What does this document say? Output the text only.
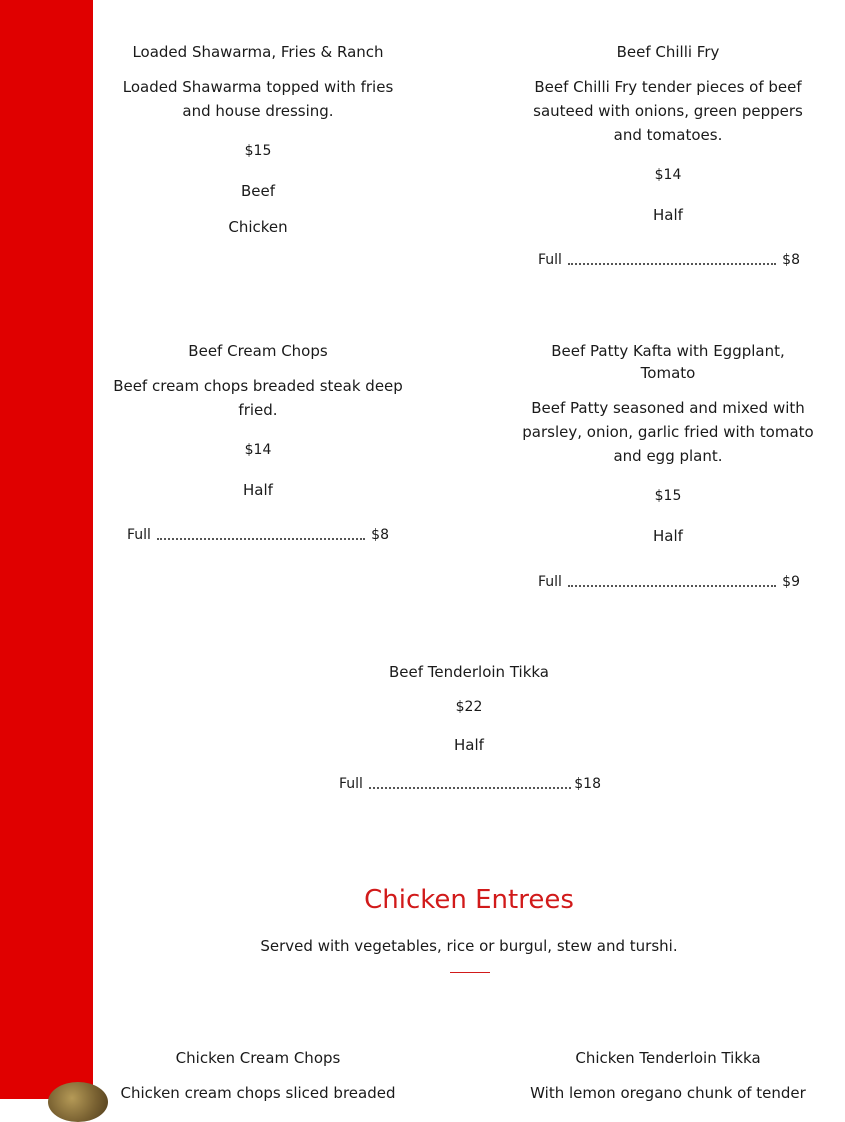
Loaded Shawarma, Fries & Ranch
Loaded Shawarma topped with fries
and house dressing.
$15
Beef
Chicken
Beef Chilli Fry
Beef Chilli Fry tender pieces of beef
sauteed with onions, green peppers
and tomatoes.
$14
Half
Full	$8
Beef Cream Chops
Beef cream chops breaded steak deep
fried.
$14
Half
Full	$8
Beef Patty Kafta with Eggplant,
Tomato
Beef Patty seasoned and mixed with
parsley, onion, garlic fried with tomato
and egg plant.
$15
Half
Full	$9
Beef Tenderloin Tikka
$22
Half
Full	$18
Chicken Entrees
Served with vegetables, rice or burgul, stew and turshi.
Chicken Cream Chops
Chicken cream chops sliced breaded
Chicken Tenderloin Tikka
With lemon oregano chunk of tender
